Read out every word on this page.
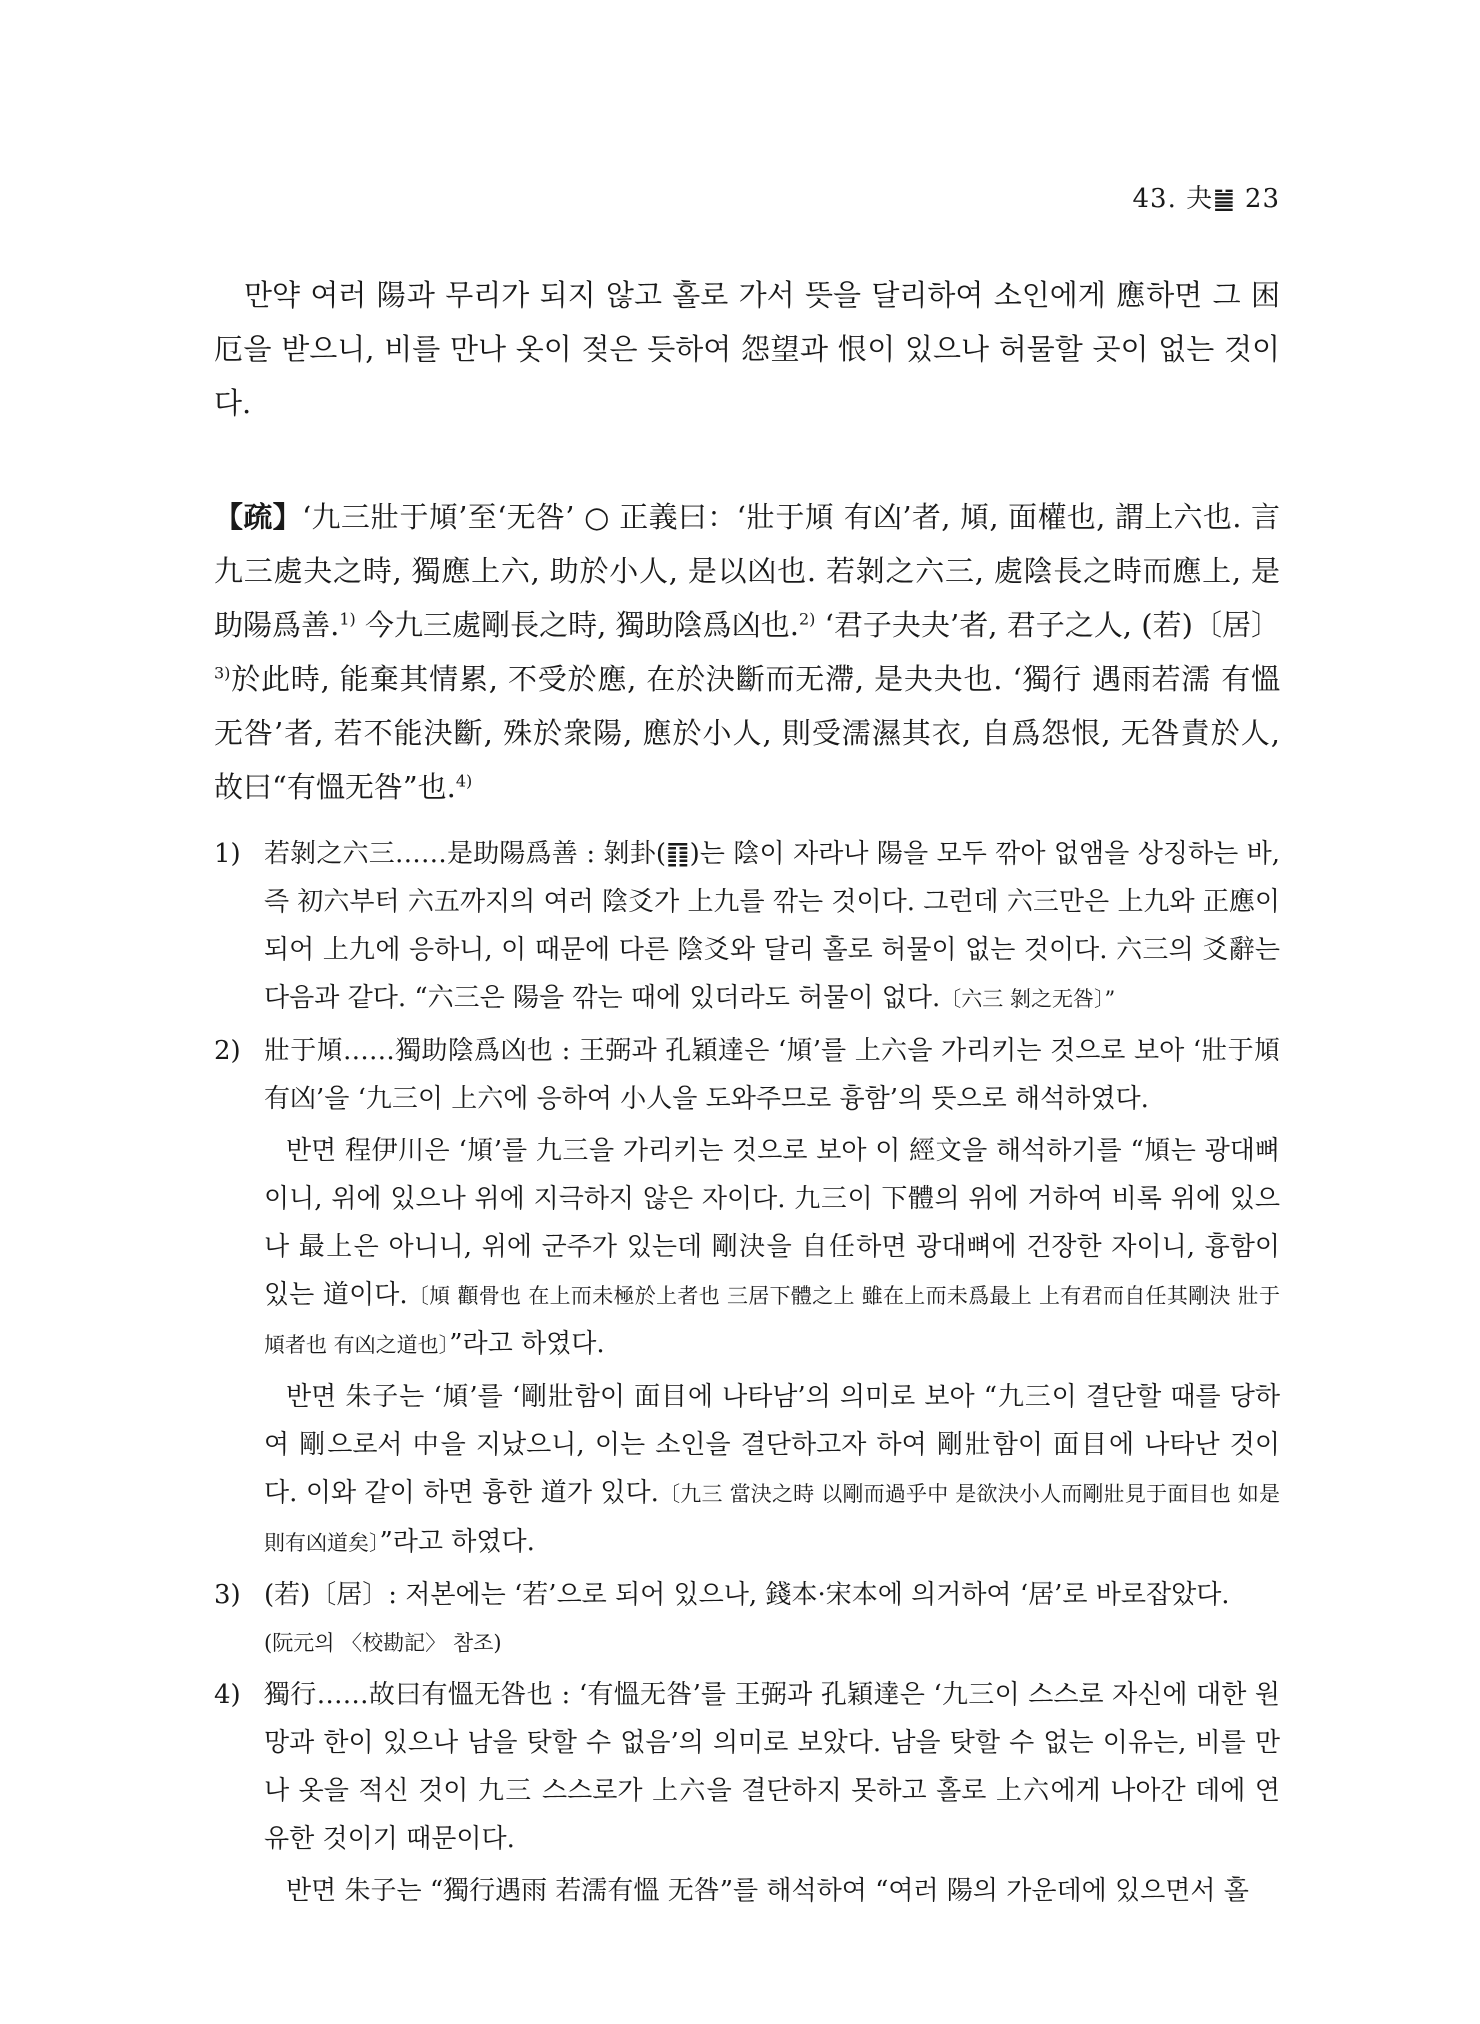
43. 夬䷪ 23

만약 여러 陽과 무리가 되지 않고 홀로 가서 뜻을 달리하여 소인에게 應하면 그 困厄을 받으니, 비를 만나 옷이 젖은 듯하여 怨望과 恨이 있으나 허물할 곳이 없는 것이다.

【疏】‘九三壯于頄’至‘无咎’ ○ 正義曰：‘壯于頄 有凶’者, 頄, 面權也, 謂上六也. 言九三處夬之時, 獨應上六, 助於小人, 是以凶也. 若剝之六三, 處陰長之時而應上, 是助陽爲善.$^{1)}$ 今九三處剛長之時, 獨助陰爲凶也.$^{2)}$ ‘君子夬夬’者, 君子之人, (若)〔居〕$^{3)}$於此時, 能棄其情累, 不受於應, 在於決斷而无滯, 是夬夬也. ‘獨行 遇雨若濡 有慍 无咎’者, 若不能決斷, 殊於衆陽, 應於小人, 則受濡濕其衣, 自爲怨恨, 无咎責於人, 故曰“有慍无咎”也.$^{4)}$

1) 若剝之六三……是助陽爲善 : 剝卦(䷖)는 陰이 자라나 陽을 모두 깎아 없앰을 상징하는 바, 즉 初六부터 六五까지의 여러 陰爻가 上九를 깎는 것이다. 그런데 六三만은 上九와 正應이 되어 上九에 응하니, 이 때문에 다른 陰爻와 달리 홀로 허물이 없는 것이다. 六三의 爻辭는 다음과 같다. “六三은 陽을 깎는 때에 있더라도 허물이 없다.〔六三 剝之无咎〕”
2) 壯于頄……獨助陰爲凶也 : 王弼과 孔穎達은 ‘頄’를 上六을 가리키는 것으로 보아 ‘壯于頄 有凶’을 ‘九三이 上六에 응하여 小人을 도와주므로 흉함’의 뜻으로 해석하였다.

반면 程伊川은 ‘頄’를 九三을 가리키는 것으로 보아 이 經文을 해석하기를 “頄는 광대뼈이니, 위에 있으나 위에 지극하지 않은 자이다. 九三이 下體의 위에 거하여 비록 위에 있으나 最上은 아니니, 위에 군주가 있는데 剛決을 自任하면 광대뼈에 건장한 자이니, 흉함이 있는 道이다.〔頄 顴骨也 在上而未極於上者也 三居下體之上 雖在上而未爲最上 上有君而自任其剛決 壯于頄者也 有凶之道也〕”라고 하였다.

반면 朱子는 ‘頄’를 ‘剛壯함이 面目에 나타남’의 의미로 보아 “九三이 결단할 때를 당하여 剛으로서 中을 지났으니, 이는 소인을 결단하고자 하여 剛壯함이 面目에 나타난 것이다. 이와 같이 하면 흉한 道가 있다.〔九三 當決之時 以剛而過乎中 是欲決小人而剛壯見于面目也 如是則有凶道矣〕”라고 하였다.

3) (若)〔居〕: 저본에는 ‘若’으로 되어 있으나, 錢本·宋本에 의거하여 ‘居’로 바로잡았다.
(阮元의 〈校勘記〉 참조)
4) 獨行……故曰有慍无咎也 : ‘有慍无咎’를 王弼과 孔穎達은 ‘九三이 스스로 자신에 대한 원망과 한이 있으나 남을 탓할 수 없음’의 의미로 보았다. 남을 탓할 수 없는 이유는, 비를 만나 옷을 적신 것이 九三 스스로가 上六을 결단하지 못하고 홀로 上六에게 나아간 데에 연유한 것이기 때문이다.

반면 朱子는 “獨行遇雨 若濡有慍 无咎”를 해석하여 “여러 陽의 가운데에 있으면서 홀
